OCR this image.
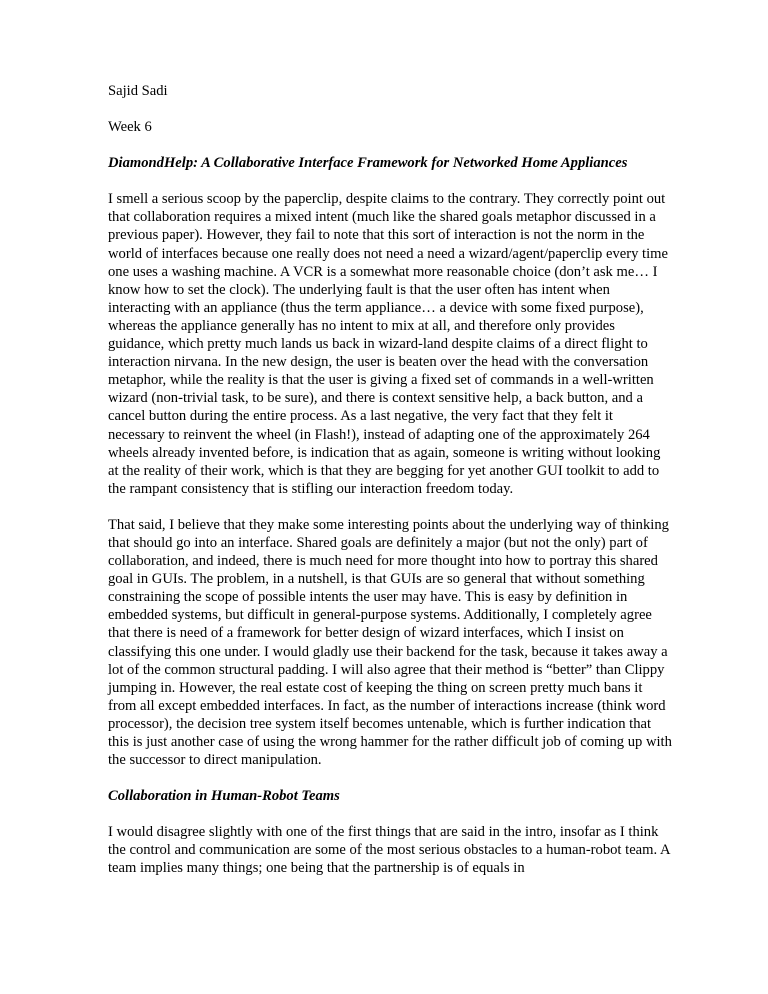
Sajid Sadi

Week 6

DiamondHelp: A Collaborative Interface Framework for Networked Home Appliances

I smell a serious scoop by the paperclip, despite claims to the contrary. They correctly point out that collaboration requires a mixed intent (much like the shared goals metaphor discussed in a previous paper). However, they fail to note that this sort of interaction is not the norm in the world of interfaces because one really does not need a need a wizard/agent/paperclip every time one uses a washing machine. A VCR is a somewhat more reasonable choice (don’t ask me… I know how to set the clock). The underlying fault is that the user often has intent when interacting with an appliance (thus the term appliance… a device with some fixed purpose), whereas the appliance generally has no intent to mix at all, and therefore only provides guidance, which pretty much lands us back in wizard-land despite claims of a direct flight to interaction nirvana. In the new design, the user is beaten over the head with the conversation metaphor, while the reality is that the user is giving a fixed set of commands in a well-written wizard (non-trivial task, to be sure), and there is context sensitive help, a back button, and a cancel button during the entire process. As a last negative, the very fact that they felt it necessary to reinvent the wheel (in Flash!), instead of adapting one of the approximately 264 wheels already invented before, is indication that as again, someone is writing without looking at the reality of their work, which is that they are begging for yet another GUI toolkit to add to the rampant consistency that is stifling our interaction freedom today.

That said, I believe that they make some interesting points about the underlying way of thinking that should go into an interface. Shared goals are definitely a major (but not the only) part of collaboration, and indeed, there is much need for more thought into how to portray this shared goal in GUIs. The problem, in a nutshell, is that GUIs are so general that without something constraining the scope of possible intents the user may have. This is easy by definition in embedded systems, but difficult in general-purpose systems. Additionally, I completely agree that there is need of a framework for better design of wizard interfaces, which I insist on classifying this one under. I would gladly use their backend for the task, because it takes away a lot of the common structural padding. I will also agree that their method is “better” than Clippy jumping in. However, the real estate cost of keeping the thing on screen pretty much bans it from all except embedded interfaces. In fact, as the number of interactions increase (think word processor), the decision tree system itself becomes untenable, which is further indication that this is just another case of using the wrong hammer for the rather difficult job of coming up with the successor to direct manipulation.

Collaboration in Human-Robot Teams

I would disagree slightly with one of the first things that are said in the intro, insofar as I think the control and communication are some of the most serious obstacles to a human-robot team. A team implies many things; one being that the partnership is of equals in
